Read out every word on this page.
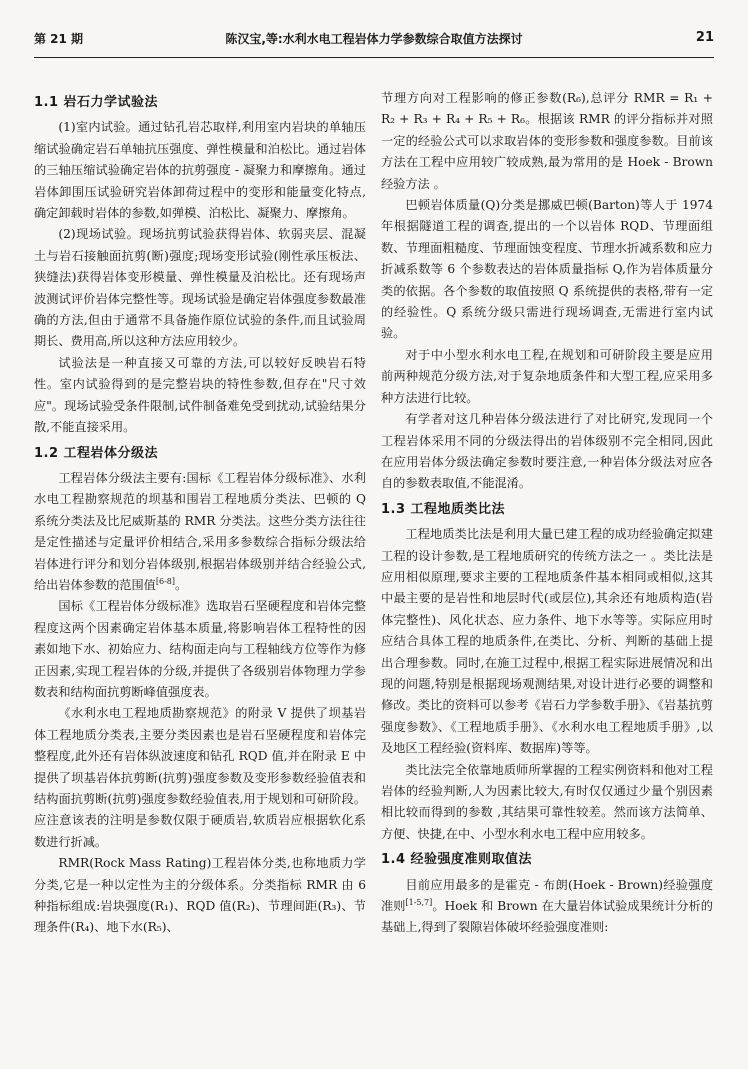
第 21 期	陈汉宝,等:水利水电工程岩体力学参数综合取值方法探讨	21
1.1 岩石力学试验法

(1)室内试验。通过钻孔岩芯取样,利用室内岩块的单轴压缩试验确定岩石单轴抗压强度、弹性模量和泊松比。通过岩体的三轴压缩试验确定岩体的抗剪强度 - 凝聚力和摩擦角。通过岩体卸围压试验研究岩体卸荷过程中的变形和能量变化特点,确定卸载时岩体的参数,如弹模、泊松比、凝聚力、摩擦角。

(2)现场试验。现场抗剪试验获得岩体、软弱夹层、混凝土与岩石接触面抗剪(断)强度;现场变形试验(刚性承压板法、狭缝法)获得岩体变形模量、弹性模量及泊松比。还有现场声波测试评价岩体完整性等。现场试验是确定岩体强度参数最准确的方法,但由于通常不具备施作原位试验的条件,而且试验周期长、费用高,所以这种方法应用较少。

试验法是一种直接又可靠的方法,可以较好反映岩石特性。室内试验得到的是完整岩块的特性参数,但存在"尺寸效应"。现场试验受条件限制,试件制备难免受到扰动,试验结果分散,不能直接采用。

1.2 工程岩体分级法

工程岩体分级法主要有:国标《工程岩体分级标准》、水利水电工程勘察规范的坝基和围岩工程地质分类法、巴顿的 Q 系统分类法及比尼威斯基的 RMR 分类法。这些分类方法往往是定性描述与定量评价相结合,采用多参数综合指标分级法给岩体进行评分和划分岩体级别,根据岩体级别并结合经验公式,给出岩体参数的范围值[6-8]。

国标《工程岩体分级标准》选取岩石坚硬程度和岩体完整程度这两个因素确定岩体基本质量,将影响岩体工程特性的因素如地下水、初始应力、结构面走向与工程轴线方位等作为修正因素,实现工程岩体的分级,并提供了各级别岩体物理力学参数表和结构面抗剪断峰值强度表。

《水利水电工程地质勘察规范》的附录 V 提供了坝基岩体工程地质分类表,主要分类因素也是岩石坚硬程度和岩体完整程度,此外还有岩体纵波速度和钻孔 RQD 值,并在附录 E 中提供了坝基岩体抗剪断(抗剪)强度参数及变形参数经验值表和结构面抗剪断(抗剪)强度参数经验值表,用于规划和可研阶段。应注意该表的注明是参数仅限于硬质岩,软质岩应根据软化系数进行折减。

RMR(Rock Mass Rating)工程岩体分类,也称地质力学分类,它是一种以定性为主的分级体系。分类指标 RMR 由 6 种指标组成:岩块强度(R₁)、RQD 值(R₂)、节理间距(R₃)、节理条件(R₄)、地下水(R₅)、

节理方向对工程影响的修正参数(R₆),总评分 RMR = R₁ + R₂ + R₃ + R₄ + R₅ + R₆。根据该 RMR 的评分指标并对照一定的经验公式可以求取岩体的变形参数和强度参数。目前该方法在工程中应用较广较成熟,最为常用的是 Hoek - Brown 经验方法 。

巴顿岩体质量(Q)分类是挪威巴顿(Barton)等人于 1974 年根据隧道工程的调查,提出的一个以岩体 RQD、节理面组数、节理面粗糙度、节理面蚀变程度、节理水折减系数和应力折减系数等 6 个参数表达的岩体质量指标 Q,作为岩体质量分类的依据。各个参数的取值按照 Q 系统提供的表格,带有一定的经验性。Q 系统分级只需进行现场调查,无需进行室内试验。

对于中小型水利水电工程,在规划和可研阶段主要是应用前两种规范分级方法,对于复杂地质条件和大型工程,应采用多种方法进行比较。

有学者对这几种岩体分级法进行了对比研究,发现同一个工程岩体采用不同的分级法得出的岩体级别不完全相同,因此在应用岩体分级法确定参数时要注意,一种岩体分级法对应各自的参数表取值,不能混淆。

1.3 工程地质类比法

工程地质类比法是利用大量已建工程的成功经验确定拟建工程的设计参数,是工程地质研究的传统方法之一 。类比法是应用相似原理,要求主要的工程地质条件基本相同或相似,这其中最主要的是岩性和地层时代(或层位),其余还有地质构造(岩体完整性)、风化状态、应力条件、地下水等等。实际应用时应结合具体工程的地质条件,在类比、分析、判断的基础上提出合理参数。同时,在施工过程中,根据工程实际进展情况和出现的问题,特别是根据现场观测结果,对设计进行必要的调整和修改。类比的资料可以参考《岩石力学参数手册》、《岩基抗剪强度参数》、《工程地质手册》、《水利水电工程地质手册》,以及地区工程经验(资料库、数据库)等等。

类比法完全依靠地质师所掌握的工程实例资料和他对工程岩体的经验判断,人为因素比较大,有时仅仅通过少量个别因素相比较而得到的参数 ,其结果可靠性较差。然而该方法简单、方便、快捷,在中、小型水利水电工程中应用较多。

1.4 经验强度准则取值法

目前应用最多的是霍克 - 布朗(Hoek - Brown)经验强度准则[1-5,7]。Hoek 和 Brown 在大量岩体试验成果统计分析的基础上,得到了裂隙岩体破坏经验强度准则:
